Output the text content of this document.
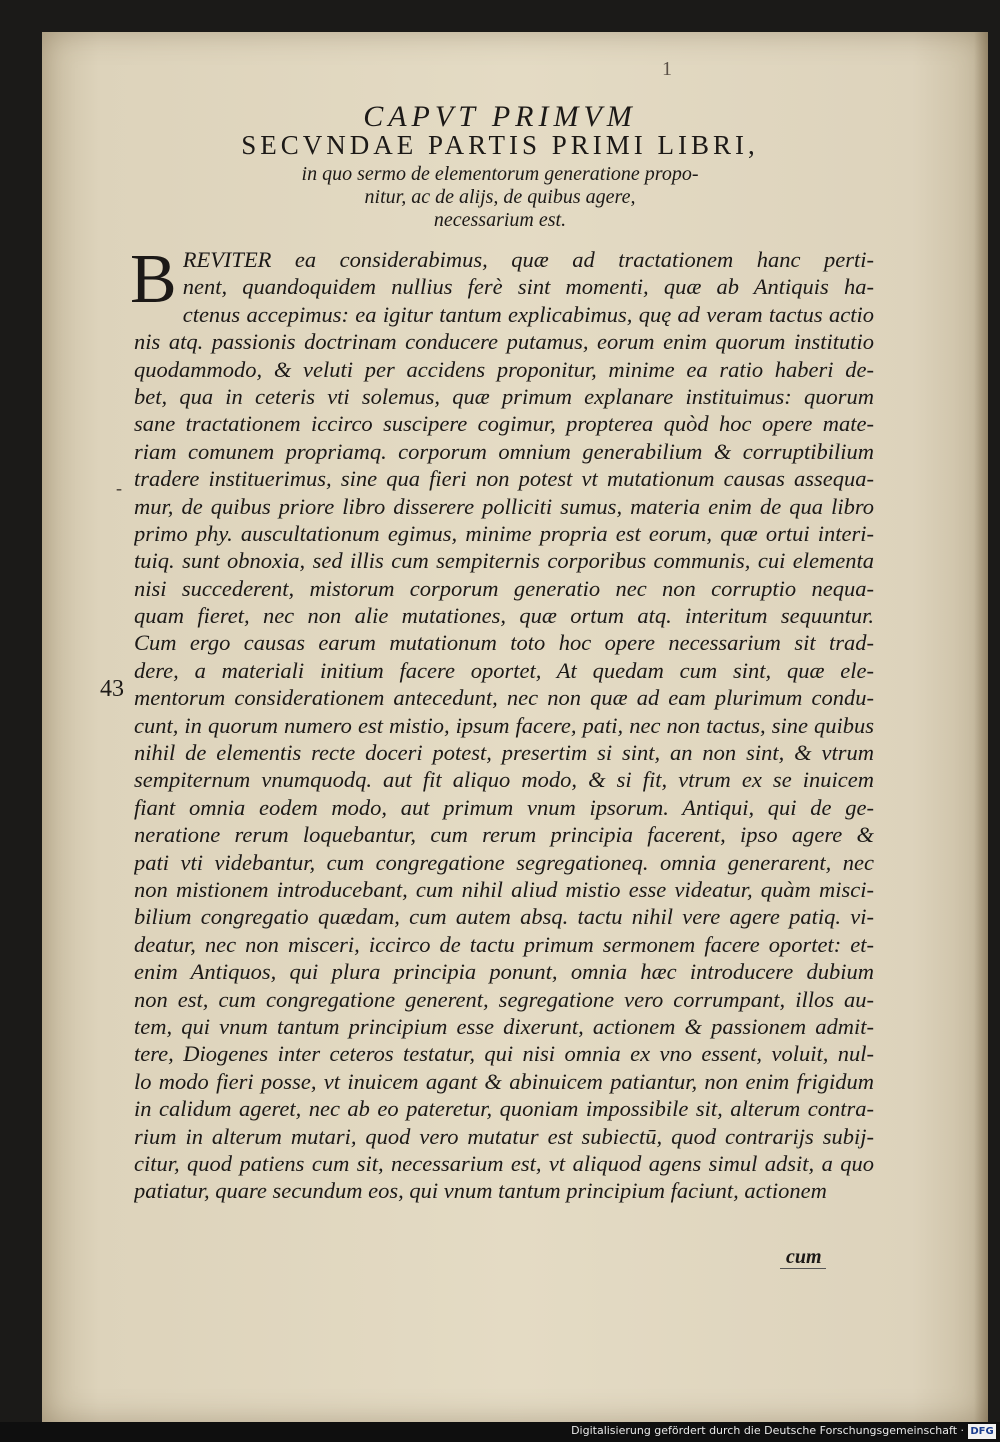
1
CAPVT PRIMVM
SECVNDAE PARTIS PRIMI LIBRI,
in quo sermo de elementorum generatione propo-
nitur, ac de alijs, de quibus agere,
necessarium est.
-
43
B REVITER ea considerabimus, quæ ad tractationem hanc perti-
nent, quandoquidem nullius ferè sint momenti, quæ ab Antiquis ha-
ctenus accepimus: ea igitur tantum explicabimus, quę ad veram tactus actio
nis atq. passionis doctrinam conducere putamus, eorum enim quorum institutio
quodammodo, & veluti per accidens proponitur, minime ea ratio haberi de-
bet, qua in ceteris vti solemus, quæ primum explanare instituimus: quorum
sane tractationem iccirco suscipere cogimur, propterea quòd hoc opere mate-
riam comunem propriamq. corporum omnium generabilium & corruptibilium
tradere instituerimus, sine qua fieri non potest vt mutationum causas assequa-
mur, de quibus priore libro disserere polliciti sumus, materia enim de qua libro
primo phy. auscultationum egimus, minime propria est eorum, quæ ortui interi-
tuiq. sunt obnoxia, sed illis cum sempiternis corporibus communis, cui elementa
nisi succederent, mistorum corporum generatio nec non corruptio nequa-
quam fieret, nec non alie mutationes, quæ ortum atq. interitum sequuntur.
Cum ergo causas earum mutationum toto hoc opere necessarium sit trad-
dere, a materiali initium facere oportet, At quedam cum sint, quæ ele-
mentorum considerationem antecedunt, nec non quæ ad eam plurimum condu-
cunt, in quorum numero est mistio, ipsum facere, pati, nec non tactus, sine quibus
nihil de elementis recte doceri potest, presertim si sint, an non sint, & vtrum
sempiternum vnumquodq. aut fit aliquo modo, & si fit, vtrum ex se inuicem
fiant omnia eodem modo, aut primum vnum ipsorum. Antiqui, qui de ge-
neratione rerum loquebantur, cum rerum principia facerent, ipso agere &
pati vti videbantur, cum congregatione segregationeq. omnia generarent, nec
non mistionem introducebant, cum nihil aliud mistio esse videatur, quàm misci-
bilium congregatio quædam, cum autem absq. tactu nihil vere agere patiq. vi-
deatur, nec non misceri, iccirco de tactu primum sermonem facere oportet: et-
enim Antiquos, qui plura principia ponunt, omnia hæc introducere dubium
non est, cum congregatione generent, segregatione vero corrumpant, illos au-
tem, qui vnum tantum principium esse dixerunt, actionem & passionem admit-
tere, Diogenes inter ceteros testatur, qui nisi omnia ex vno essent, voluit, nul-
lo modo fieri posse, vt inuicem agant & abinuicem patiantur, non enim frigidum
in calidum ageret, nec ab eo pateretur, quoniam impossibile sit, alterum contra-
rium in alterum mutari, quod vero mutatur est subiectū, quod contrarijs subij-
citur, quod patiens cum sit, necessarium est, vt aliquod agens simul adsit, a quo
patiatur, quare secundum eos, qui vnum tantum principium faciunt, actionem
cum
Digitalisierung gefördert durch die Deutsche Forschungsgemeinschaft · DFG
